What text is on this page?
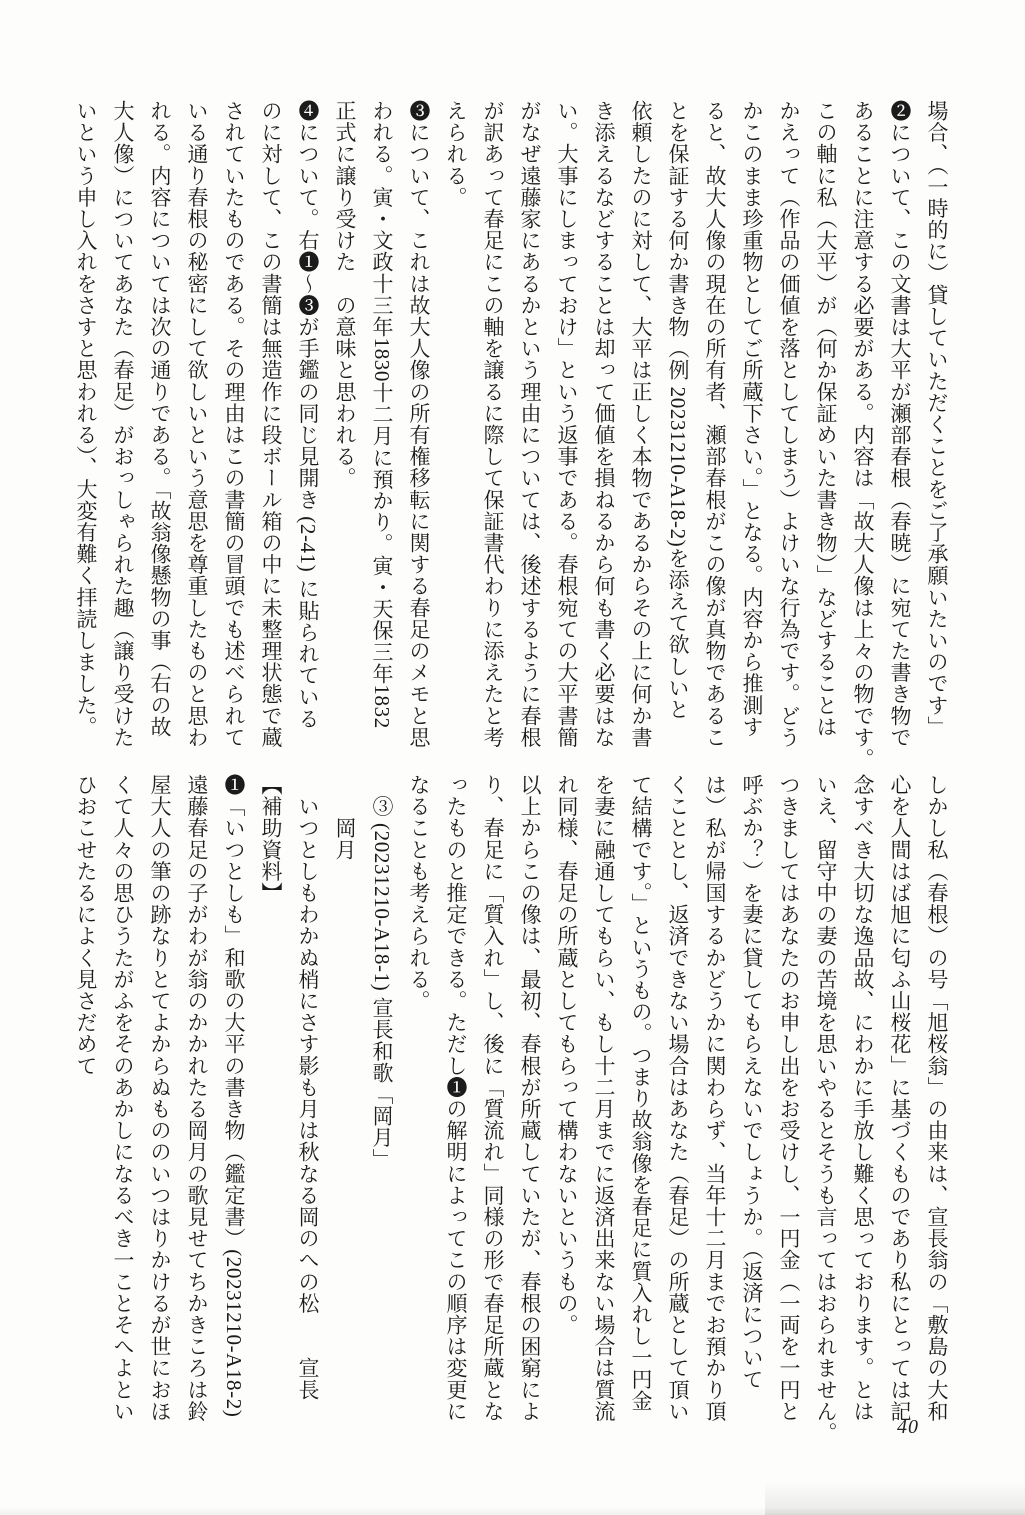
場合、（一時的に）貸していただくことをご了承願いたいのです」

❷について、この文書は大平が瀬部春根（春暁）に宛てた書き物で

あることに注意する必要がある。内容は「故大人像は上々の物です。

この軸に私（大平）が（何か保証めいた書き物）」などすることは

かえって（作品の価値を落としてしまう）よけいな行為です。どう

かこのまま珍重物としてご所蔵下さい。」となる。内容から推測す

ると、故大人像の現在の所有者、瀬部春根がこの像が真物であるこ

とを保証する何か書き物（例 20231210-A18-2)を添えて欲しいと

依頼したのに対して、大平は正しく本物であるからその上に何か書

き添えるなどすることは却って価値を損ねるから何も書く必要はな

い。大事にしまっておけ」という返事である。春根宛ての大平書簡

がなぜ遠藤家にあるかという理由については、後述するように春根

が訳あって春足にこの軸を譲るに際して保証書代わりに添えたと考

えられる。

❸について、これは故大人像の所有権移転に関する春足のメモと思

われる。寅・文政十三年1830十二月に預かり。寅・天保三年1832

正式に譲り受けた　の意味と思われる。

❹について。右❶～❸が手鑑の同じ見開き (2-41) に貼られている

のに対して、この書簡は無造作に段ボール箱の中に未整理状態で蔵

されていたものである。その理由はこの書簡の冒頭でも述べられて

いる通り春根の秘密にして欲しいという意思を尊重したものと思わ

れる。内容については次の通りである。「故翁像懸物の事（右の故

大人像）についてあなた（春足）がおっしゃられた趣（譲り受けた

いという申し入れをさすと思われる）、大変有難く拝読しました。

しかし私（春根）の号「旭桜翁」の由来は、宣長翁の「敷島の大和

心を人間はば旭に匂ふ山桜花」に基づくものであり私にとっては記

念すべき大切な逸品故、にわかに手放し難く思っております。とは

いえ、留守中の妻の苦境を思いやるとそうも言ってはおられません。

つきましてはあなたのお申し出をお受けし、一円金（一両を一円と

呼ぶか？）を妻に貸してもらえないでしょうか。（返済について

は）私が帰国するかどうかに関わらず、当年十二月までお預かり頂

くこととし、返済できない場合はあなた（春足）の所蔵として頂い

て結構です。」というもの。つまり故翁像を春足に質入れし一円金

を妻に融通してもらい、もし十二月までに返済出来ない場合は質流

れ同様、春足の所蔵としてもらって構わないというもの。

以上からこの像は、最初、春根が所蔵していたが、春根の困窮によ

り、春足に「質入れ」し、後に「質流れ」同様の形で春足所蔵とな

ったものと推定できる。ただし❶の解明によってこの順序は変更に

なることも考えられる。

　③ (20231210-A18-1) 宣長和歌「岡月」

　　岡月

　いつとしもわかぬ梢にさす影も月は秋なる岡のへの松　　宣長

【補助資料】

❶「いつとしも」和歌の大平の書き物（鑑定書）(20231210-A18-2)

遠藤春足の子がわが翁のかかれたる岡月の歌見せてちかきころは鈴

屋大人の筆の跡なりとてよからぬもののいつはりかけるが世におほ

くて人々の思ひうたがふをそのあかしになるべき一ことそへよとい

ひおこせたるによく見さだめて

40
